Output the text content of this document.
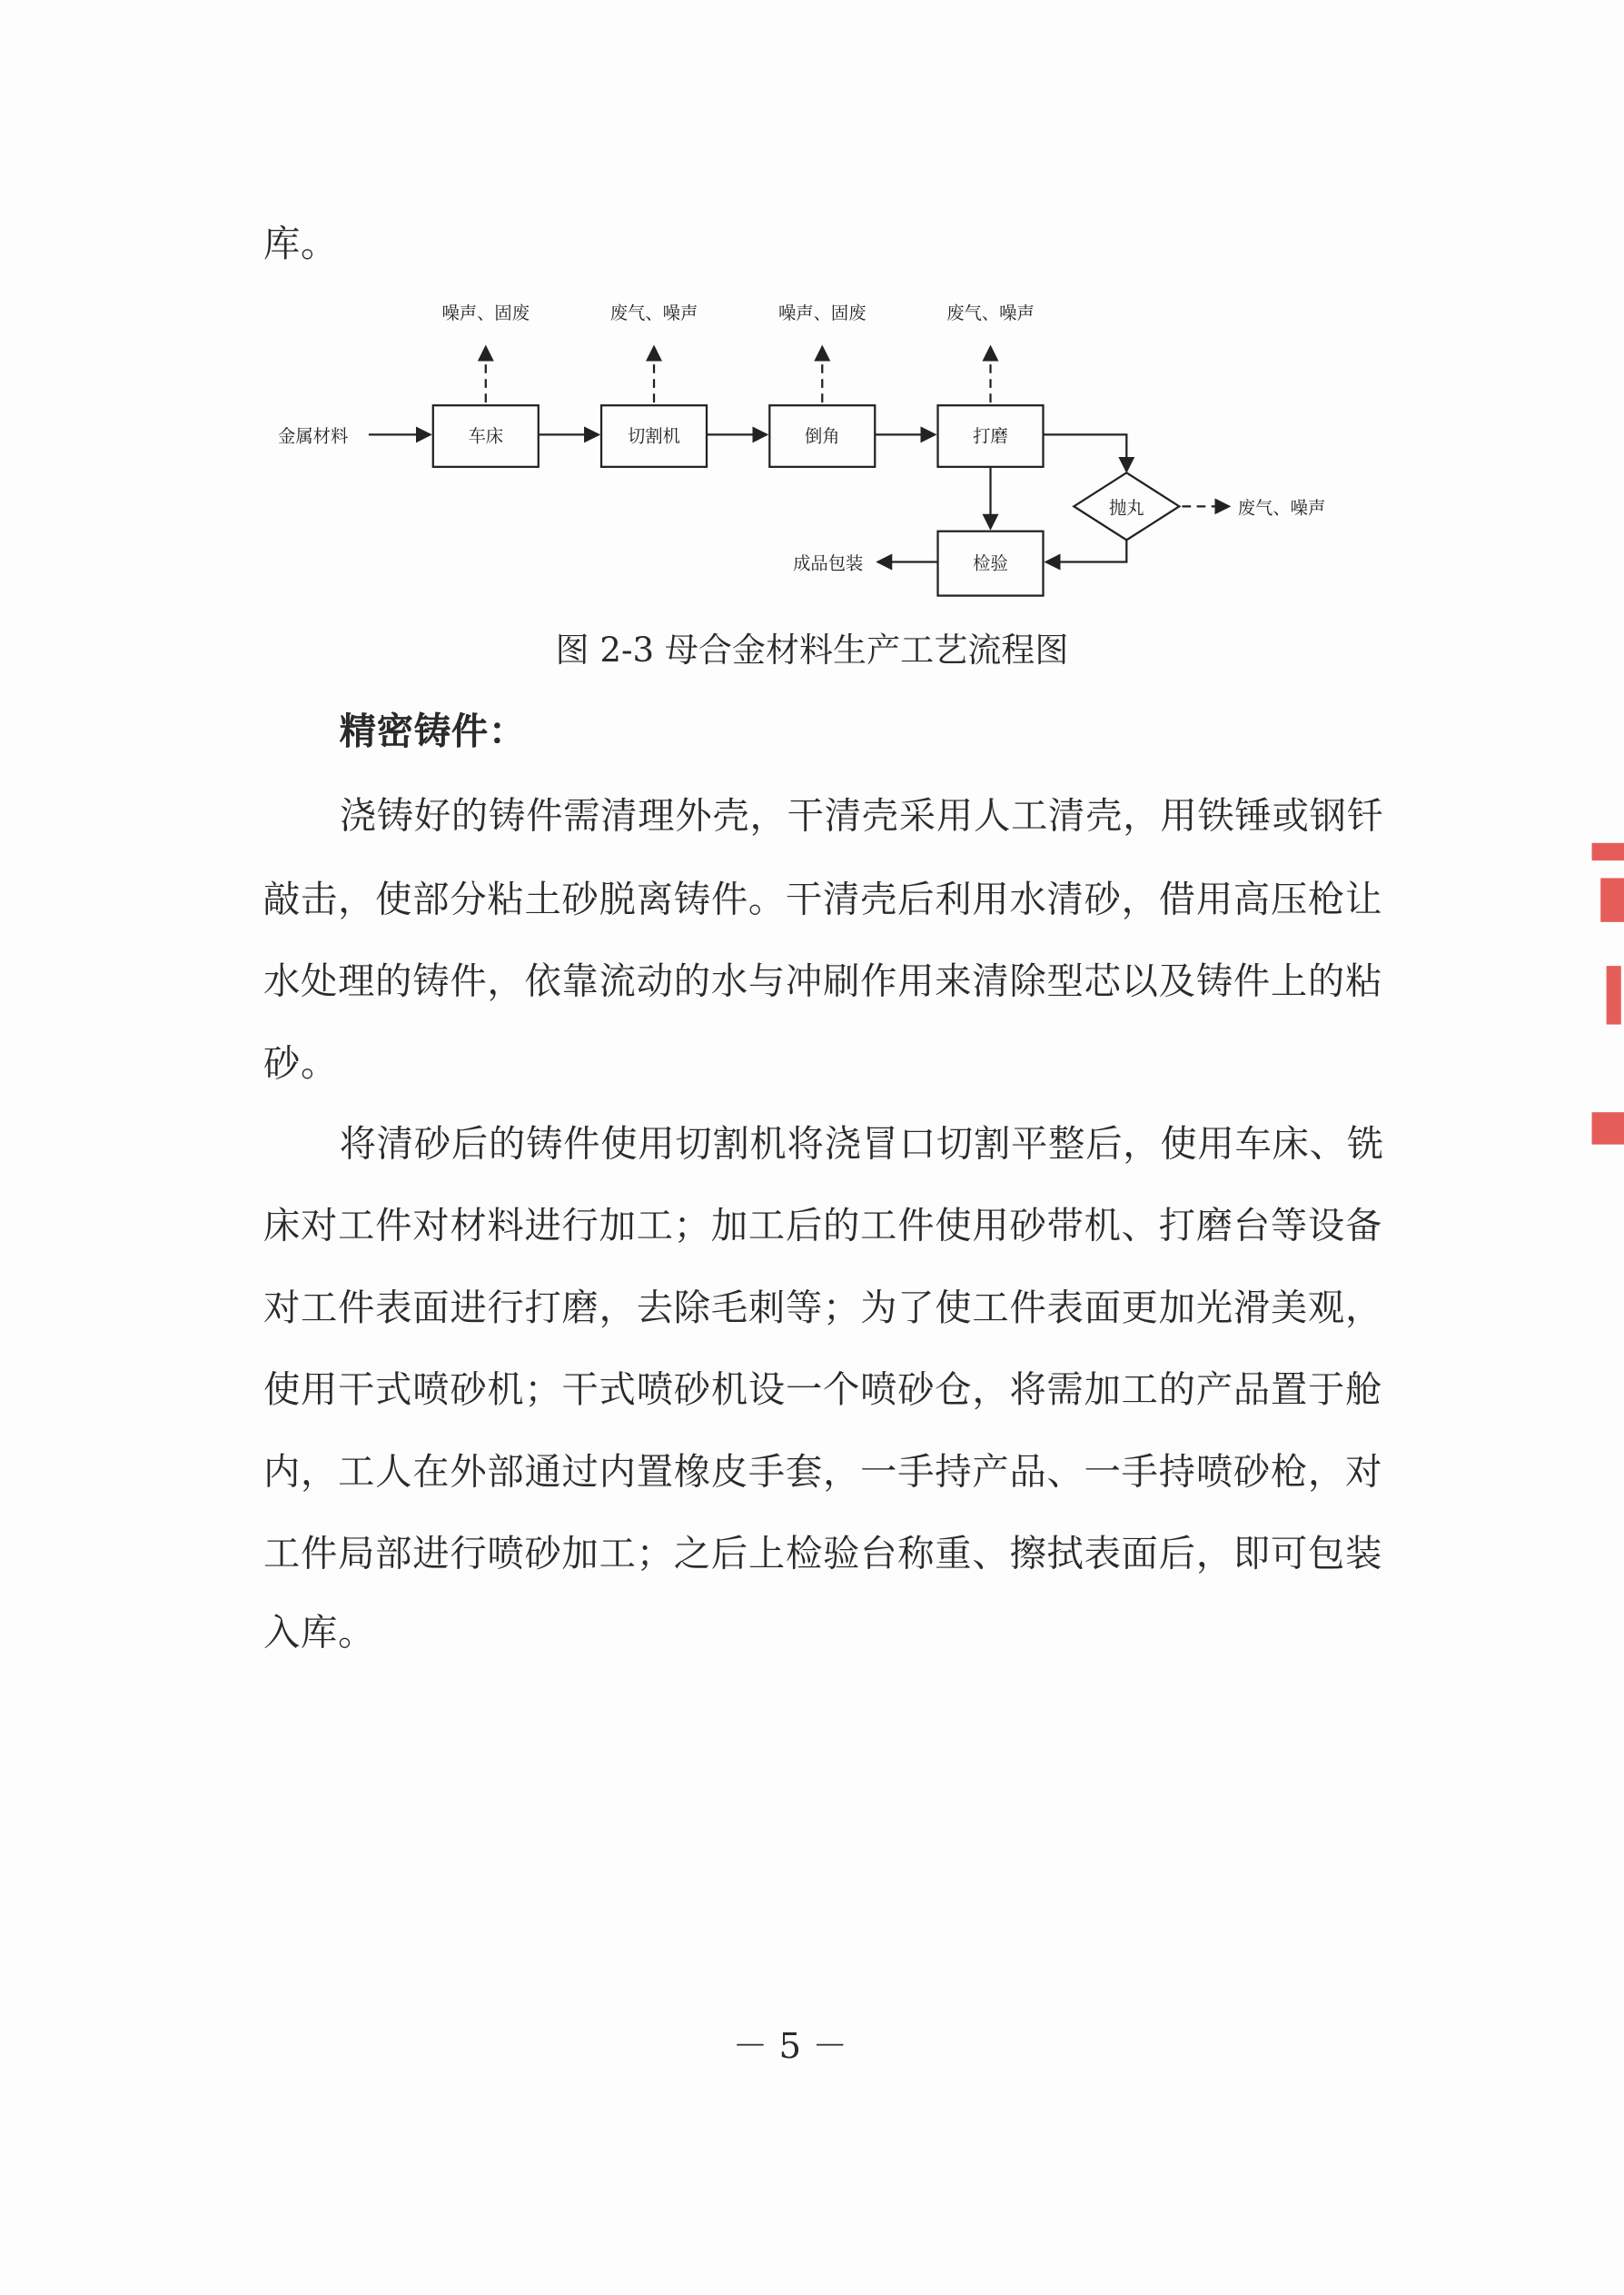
库。
金属材料	车床
噪声、固废
切割机
废气、噪声
倒角
噪声、固废
打磨
废气、噪声
抛丸	废气、噪声
检验
成品包装
图 2-3 母合金材料生产工艺流程图
精密铸件：
浇铸好的铸件需清理外壳，干清壳采用人工清壳，用铁锤或钢钎
敲击，使部分粘土砂脱离铸件。干清壳后利用水清砂，借用高压枪让
水处理的铸件，依靠流动的水与冲刷作用来清除型芯以及铸件上的粘
砂。
将清砂后的铸件使用切割机将浇冒口切割平整后，使用车床、铣
床对工件对材料进行加工；加工后的工件使用砂带机、打磨台等设备
对工件表面进行打磨，去除毛刺等；为了使工件表面更加光滑美观，
使用干式喷砂机；干式喷砂机设一个喷砂仓，将需加工的产品置于舱
内，工人在外部通过内置橡皮手套，一手持产品、一手持喷砂枪，对
工件局部进行喷砂加工；之后上检验台称重、擦拭表面后，即可包装
入库。
－ 5 －
